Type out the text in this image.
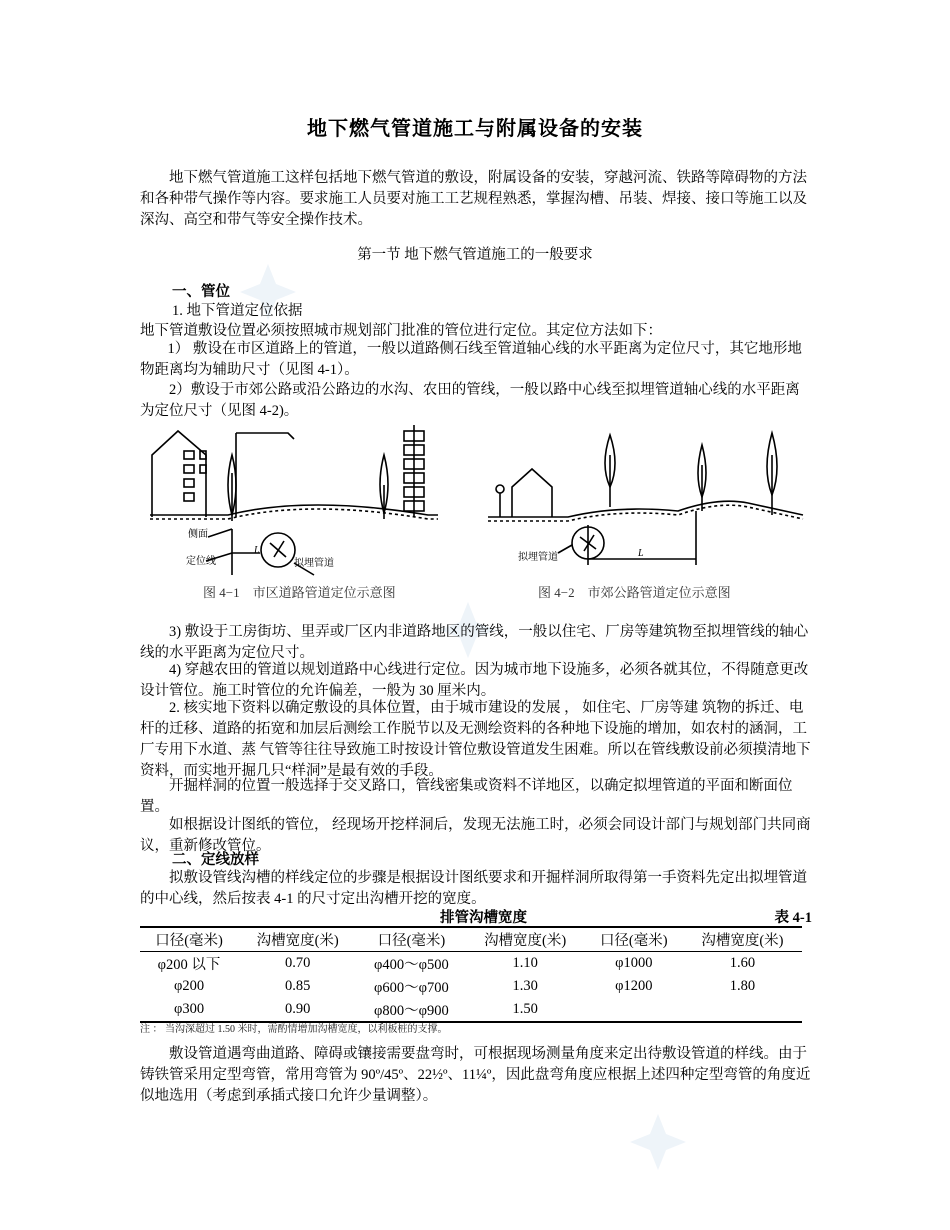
地下燃气管道施工与附属设备的安装
地下燃气管道施工这样包括地下燃气管道的敷设，附属设备的安装，穿越河流、铁路等障碍物的方法和各种带气操作等内容。要求施工人员要对施工工艺规程熟悉，掌握沟槽、吊装、焊接、接口等施工以及深沟、高空和带气等安全操作技术。
第一节 地下燃气管道施工的一般要求
一、管位
1. 地下管道定位依据
地下管道敷设位置必须按照城市规划部门批准的管位进行定位。其定位方法如下：
1） 敷设在市区道路上的管道，一般以道路侧石线至管道轴心线的水平距离为定位尺寸，其它地形地物距离均为辅助尺寸（见图 4-1）。
2）敷设于市郊公路或沿公路边的水沟、农田的管线，一般以路中心线至拟埋管道轴心线的水平距离为定位尺寸（见图 4-2)。
侧面
定位线
L
拟埋管道
拟埋管道	L
图 4−1　市区道路管道定位示意图	图 4−2　市郊公路管道定位示意图
3) 敷设于工房街坊、里弄或厂区内非道路地区的管线，一般以住宅、厂房等建筑物至拟埋管线的轴心线的水平距离为定位尺寸。
4) 穿越农田的管道以规划道路中心线进行定位。因为城市地下设施多，必须各就其位，不得随意更改设计管位。施工时管位的允许偏差，一般为 30 厘米内。
2. 核实地下资料以确定敷设的具体位置，由于城市建设的发展 ， 如住宅、厂房等建 筑物的拆迁、电杆的迁移、道路的拓宽和加层后测绘工作脱节以及无测绘资料的各种地下设施的增加，如农村的涵洞，工厂专用下水道、蒸 气管等往往导致施工时按设计管位敷设管道发生困难。所以在管线敷设前必须摸清地下资料，而实地开掘几只“样洞”是最有效的手段。
开掘样洞的位置一般选择于交叉路口，管线密集或资料不详地区，以确定拟埋管道的平面和断面位置。
如根据设计图纸的管位， 经现场开挖样洞后，发现无法施工时，必须会同设计部门与规划部门共同商议，重新修改管位。
二、定线放样
拟敷设管线沟槽的样线定位的步骤是根据设计图纸要求和开掘样洞所取得第一手资料先定出拟埋管道的中心线，然后按表 4-1 的尺寸定出沟槽开挖的宽度。
排管沟槽宽度	表 4-1
口径(毫米)	沟槽宽度(米)	口径(毫米)	沟槽宽度(米)	口径(毫米)	沟槽宽度(米)
φ200 以下	0.70	φ400～φ500	1.10	φ1000	1.60
φ200	0.85	φ600～φ700	1.30	φ1200	1.80
φ300	0.90	φ800～φ900	1.50		
注 ： 当沟深超过 1.50 米时，需酌情增加沟槽宽度，以利板桩的支撑。
敷设管道遇弯曲道路、障碍或镶接需要盘弯时，可根据现场测量角度来定出待敷设管道的样线。由于铸铁管采用定型弯管，常用弯管为 90º/45º、22½º、11¼º，因此盘弯角度应根据上述四种定型弯管的角度近似地选用（考虑到承插式接口允许少量调整）。
